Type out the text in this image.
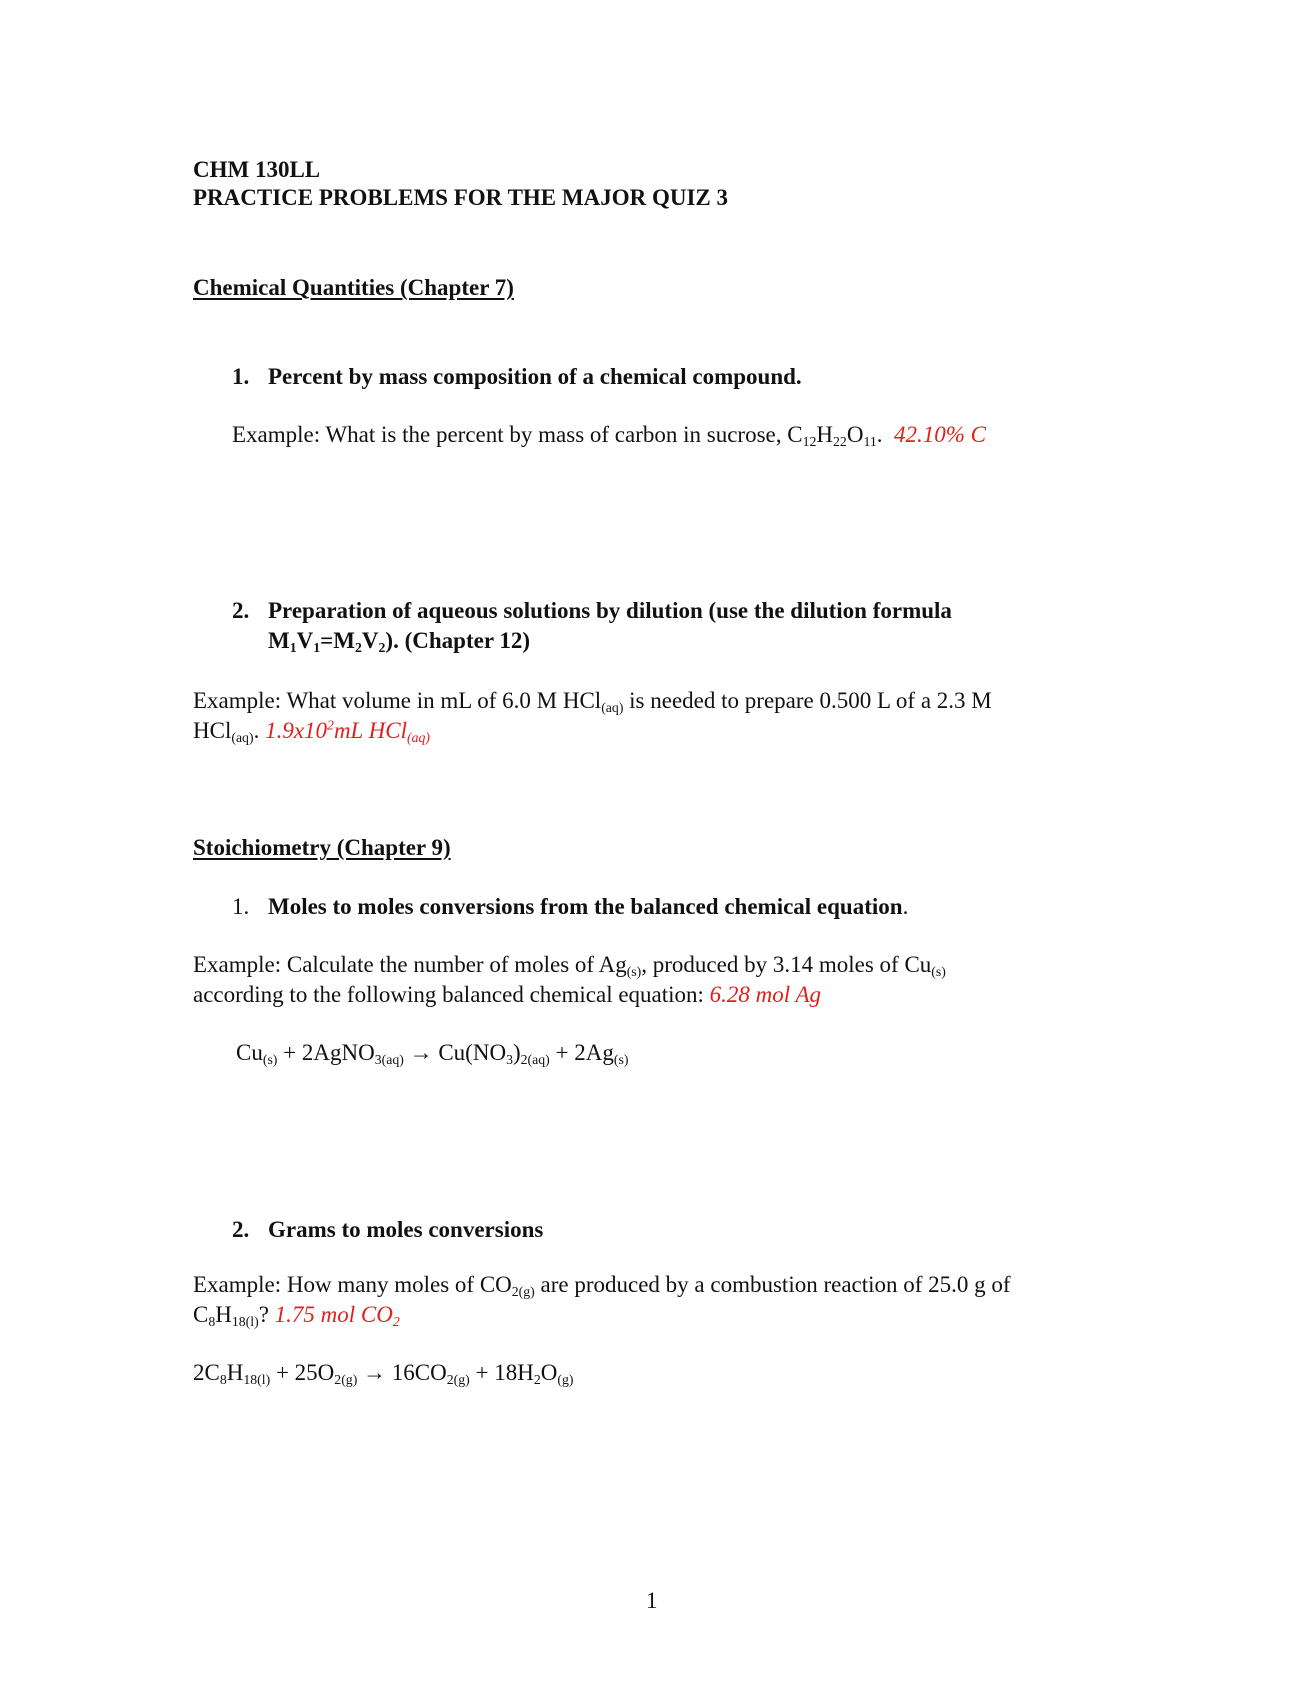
CHM 130LL
PRACTICE PROBLEMS FOR THE MAJOR QUIZ 3
Chemical Quantities (Chapter 7)
1. Percent by mass composition of a chemical compound.
Example: What is the percent by mass of carbon in sucrose, $C_{12}H_{22}O_{11}$.  42.10% C
2. Preparation of aqueous solutions by dilution (use the dilution formula
$M_1V_1=M_2V_2$). (Chapter 12)
Example: What volume in mL of 6.0 M HCl$_{(aq)}$ is needed to prepare 0.500 L of a 2.3 M
HCl$_{(aq)}$. $1.9x10^2mL$ HCl$_{(aq)}$
Stoichiometry (Chapter 9)
1. Moles to moles conversions from the balanced chemical equation.
Example: Calculate the number of moles of $Ag_{(s)}$, produced by 3.14 moles of $Cu_{(s)}$
according to the following balanced chemical equation: 6.28 mol Ag
$Cu_{(s)}$ + 2AgNO$_{3(aq)}$ → $Cu(NO_3)_{2(aq)} + 2Ag_{(s)}$
2. Grams to moles conversions
Example: How many moles of $CO_{2(g)}$ are produced by a combustion reaction of 25.0 g of
$C_8H_{18(l)}$? 1.75 mol $CO_2$
$2C_8H_{18(l)} + 25O_{2(g)} \to 16CO_{2(g)} + 18H_2O_{(g)}$
1
